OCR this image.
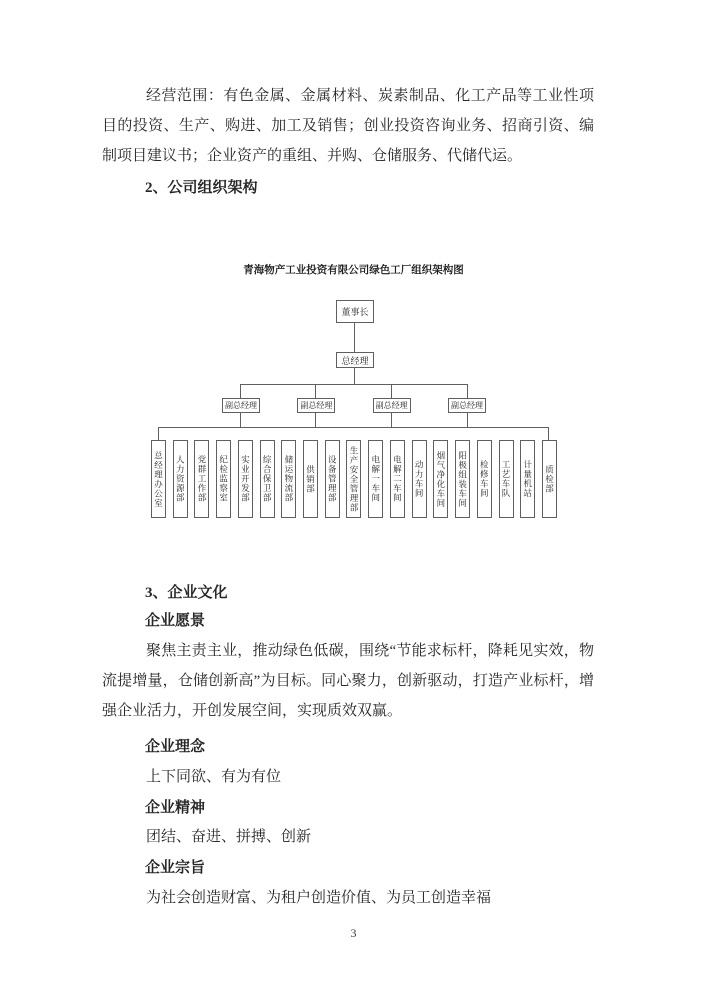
经营范围：有色金属、金属材料、炭素制品、化工产品等工业性项目的投资、生产、购进、加工及销售；创业投资咨询业务、招商引资、编制项目建议书；企业资产的重组、并购、仓储服务、代储代运。

2、公司组织架构
青海物产工业投资有限公司绿色工厂组织架构图
董事长
总经理
副总经理	副总经理	副总经理	副总经理
总经理办公室 人力资源部 党群工作部 纪检监察室 实业开发部 综合保卫部 储运物流部 供销部 设备管理部 生产安全管理部 电解一车间 电解二车间 动力车间 烟气净化车间 阳极组装车间 检修车间 工艺车队 计量机站 质检部
3、企业文化
企业愿景

聚焦主责主业，推动绿色低碳，围绕“节能求标杆，降耗见实效，物流提增量，仓储创新高”为目标。同心聚力，创新驱动，打造产业标杆，增强企业活力，开创发展空间，实现质效双赢。

企业理念

上下同欲、有为有位

企业精神

团结、奋进、拼搏、创新

企业宗旨

为社会创造财富、为租户创造价值、为员工创造幸福

3
